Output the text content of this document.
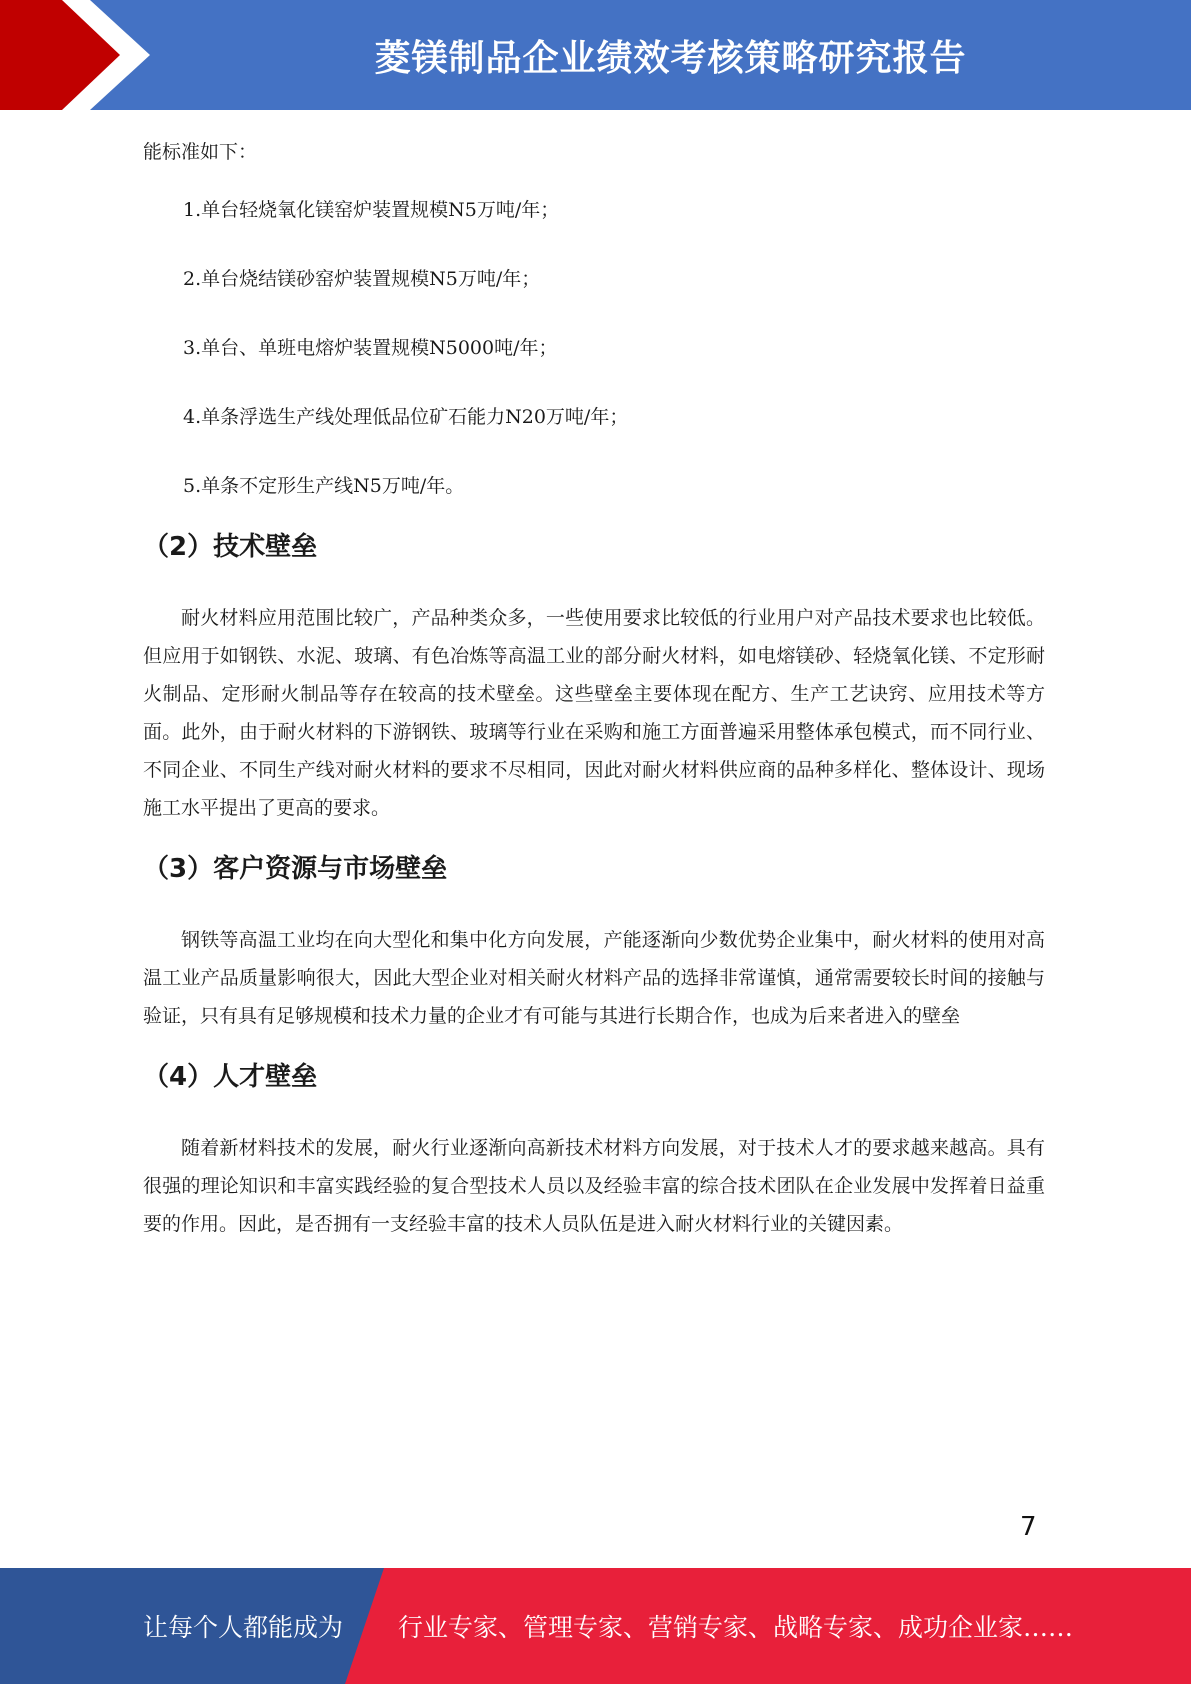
菱镁制品企业绩效考核策略研究报告

能标准如下：

1.单台轻烧氧化镁窑炉装置规模N5万吨/年；
2.单台烧结镁砂窑炉装置规模N5万吨/年；
3.单台、单班电熔炉装置规模N5000吨/年；
4.单条浮选生产线处理低品位矿石能力N20万吨/年；
5.单条不定形生产线N5万吨/年。
（2）技术壁垒

耐火材料应用范围比较广，产品种类众多，一些使用要求比较低的行业用户对产品技术要求也比较低。但应用于如钢铁、水泥、玻璃、有色冶炼等高温工业的部分耐火材料，如电熔镁砂、轻烧氧化镁、不定形耐火制品、定形耐火制品等存在较高的技术壁垒。这些壁垒主要体现在配方、生产工艺诀窍、应用技术等方面。此外，由于耐火材料的下游钢铁、玻璃等行业在采购和施工方面普遍采用整体承包模式，而不同行业、不同企业、不同生产线对耐火材料的要求不尽相同，因此对耐火材料供应商的品种多样化、整体设计、现场施工水平提出了更高的要求。

（3）客户资源与市场壁垒

钢铁等高温工业均在向大型化和集中化方向发展，产能逐渐向少数优势企业集中，耐火材料的使用对高温工业产品质量影响很大，因此大型企业对相关耐火材料产品的选择非常谨慎，通常需要较长时间的接触与验证，只有具有足够规模和技术力量的企业才有可能与其进行长期合作，也成为后来者进入的壁垒

（4）人才壁垒

随着新材料技术的发展，耐火行业逐渐向高新技术材料方向发展，对于技术人才的要求越来越高。具有很强的理论知识和丰富实践经验的复合型技术人员以及经验丰富的综合技术团队在企业发展中发挥着日益重要的作用。因此，是否拥有一支经验丰富的技术人员队伍是进入耐火材料行业的关键因素。

7
让每个人都能成为 行业专家、管理专家、营销专家、战略专家、成功企业家……
